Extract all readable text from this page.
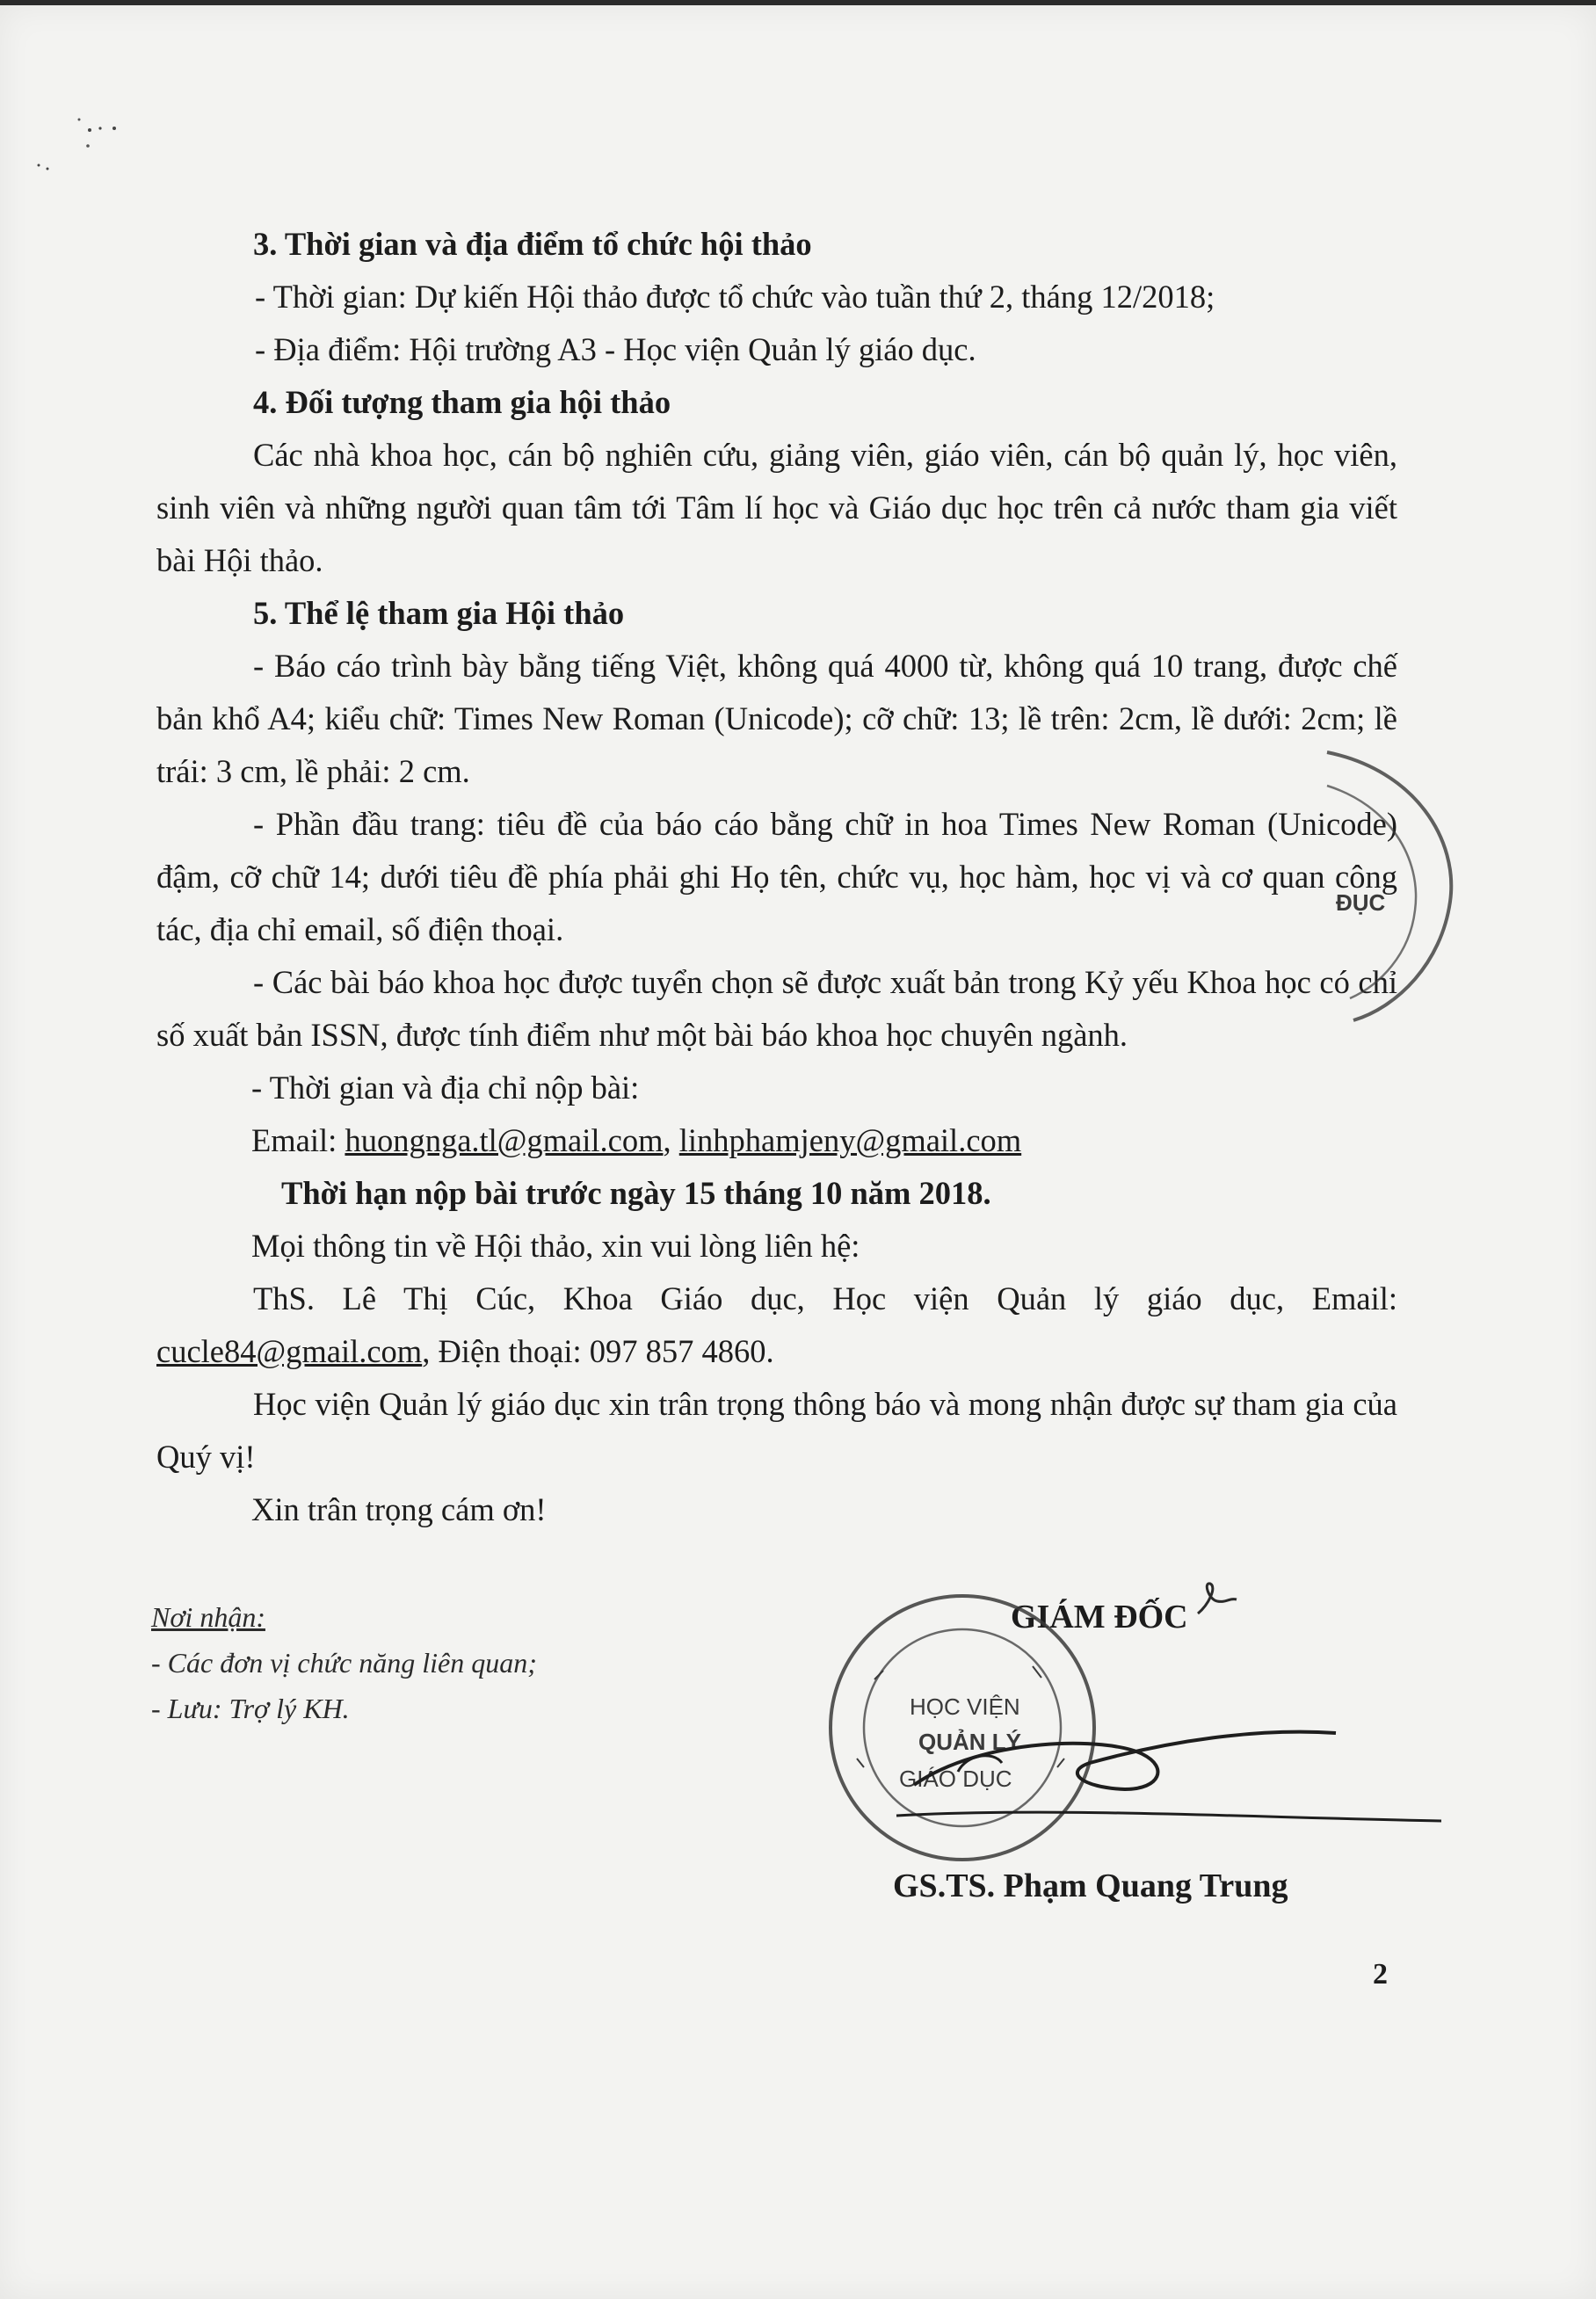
3. Thời gian và địa điểm tổ chức hội thảo

- Thời gian: Dự kiến Hội thảo được tổ chức vào tuần thứ 2, tháng 12/2018;

- Địa điểm: Hội trường A3 - Học viện Quản lý giáo dục.

4. Đối tượng tham gia hội thảo

Các nhà khoa học, cán bộ nghiên cứu, giảng viên, giáo viên, cán bộ quản lý, học viên, sinh viên và những người quan tâm tới Tâm lí học và Giáo dục học trên cả nước tham gia viết bài Hội thảo.

5. Thể lệ tham gia Hội thảo

- Báo cáo trình bày bằng tiếng Việt, không quá 4000 từ, không quá 10 trang, được chế bản khổ A4; kiểu chữ: Times New Roman (Unicode); cỡ chữ: 13; lề trên: 2cm, lề dưới: 2cm; lề trái: 3 cm, lề phải: 2 cm.

- Phần đầu trang: tiêu đề của báo cáo bằng chữ in hoa Times New Roman (Unicode) đậm, cỡ chữ 14; dưới tiêu đề phía phải ghi Họ tên, chức vụ, học hàm, học vị và cơ quan công tác, địa chỉ email, số điện thoại.

- Các bài báo khoa học được tuyển chọn sẽ được xuất bản trong Kỷ yếu Khoa học có chỉ số xuất bản ISSN, được tính điểm như một bài báo khoa học chuyên ngành.

- Thời gian và địa chỉ nộp bài:

Email: huongnga.tl@gmail.com, linhphamjeny@gmail.com

Thời hạn nộp bài trước ngày 15 tháng 10 năm 2018.

Mọi thông tin về Hội thảo, xin vui lòng liên hệ:

ThS. Lê Thị Cúc, Khoa Giáo dục, Học viện Quản lý giáo dục, Email: cucle84@gmail.com, Điện thoại: 097 857 4860.

Học viện Quản lý giáo dục xin trân trọng thông báo và mong nhận được sự tham gia của Quý vị!

Xin trân trọng cám ơn!

Nơi nhận:
- Các đơn vị chức năng liên quan;
- Lưu: Trợ lý KH.
GIÁM ĐỐC
HỌC VIỆN
QUẢN LÝ
GIÁO DỤC
GS.TS. Phạm Quang Trung
ĐỤC
2
